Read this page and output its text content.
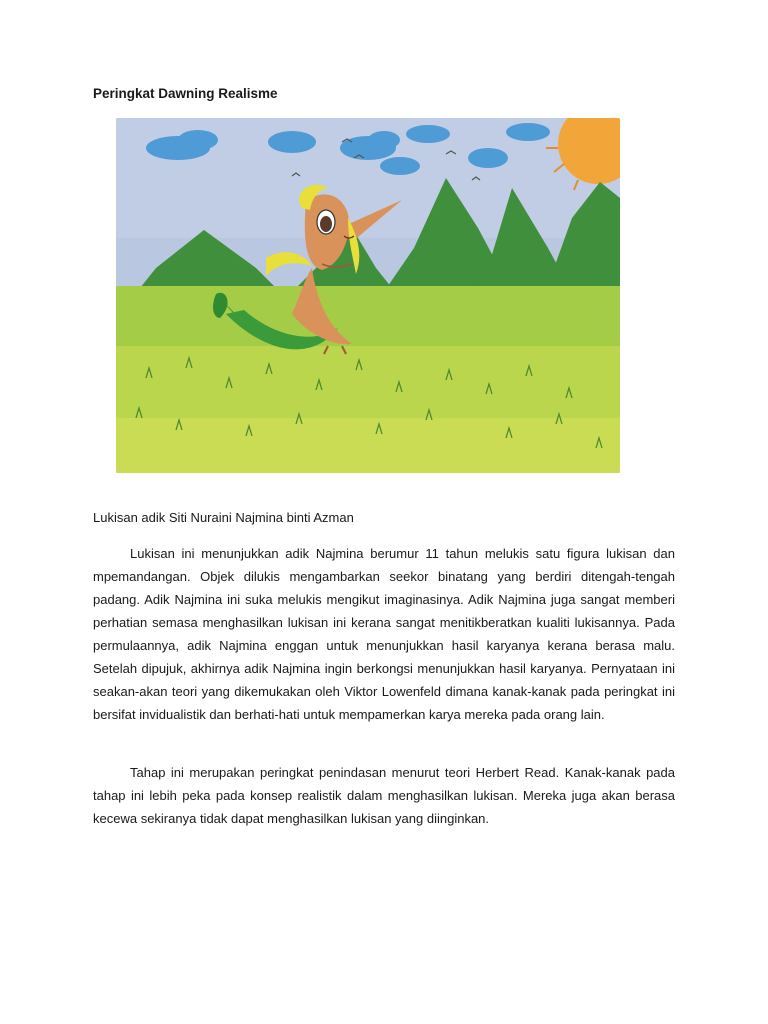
Peringkat Dawning Realisme

Lukisan adik Siti Nuraini Najmina binti Azman

Lukisan ini menunjukkan adik Najmina berumur 11 tahun melukis satu figura lukisan dan mpemandangan. Objek dilukis mengambarkan seekor binatang yang berdiri ditengah-tengah padang. Adik Najmina ini suka melukis mengikut imaginasinya. Adik Najmina juga sangat memberi perhatian semasa menghasilkan lukisan ini kerana sangat menitikberatkan kualiti lukisannya. Pada permulaannya, adik Najmina enggan untuk menunjukkan hasil karyanya kerana berasa malu. Setelah dipujuk, akhirnya adik Najmina ingin berkongsi menunjukkan hasil karyanya. Pernyataan ini seakan-akan teori yang dikemukakan oleh Viktor Lowenfeld dimana kanak-kanak pada peringkat ini bersifat invidualistik dan berhati-hati untuk mempamerkan karya mereka pada orang lain.

Tahap ini merupakan peringkat penindasan menurut teori Herbert Read. Kanak-kanak pada tahap ini lebih peka pada konsep realistik dalam menghasilkan lukisan. Mereka juga akan berasa kecewa sekiranya tidak dapat menghasilkan lukisan yang diinginkan.
